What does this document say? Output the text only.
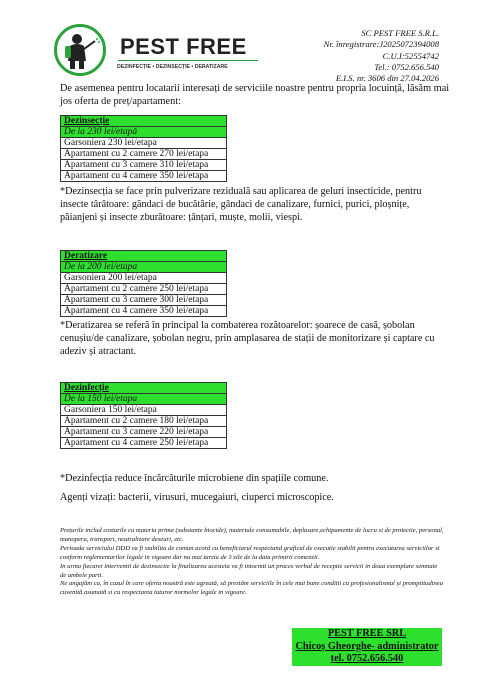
PEST FREE
DEZINFECȚIE • DEZINSECȚIE • DERATIZARE
SC PEST FREE S.R.L.
Nr. înregistrare:J2025072394008
C.U.I:52554742
Tel.: 0752.656.540
E.I.S. nr. 3606 din 27.04.2026
De asemenea pentru locatarii interesați de serviciile noastre pentru propria locuință, lăsăm mai jos oferta de preț/apartament:
Dezinsecție
De la 230 lei/etapă
Garsoniera 230 lei/etapa
Apartament cu 2 camere 270 lei/etapa
Apartament cu 3 camere 310 lei/etapa
Apartament cu 4 camere 350 lei/etapa
*Dezinsecția se face prin pulverizare reziduală sau aplicarea de geluri insecticide, pentru insecte târâtoare: gândaci de bucătărie, gândaci de canalizare, furnici, purici, ploșnițe, păianjeni și insecte zburătoare: țânțari, muște, molii, viespi.
Deratizare
De la 200 lei/etapa
Garsoniera 200 lei/etapa
Apartament cu 2 camere 250 lei/etapa
Apartament cu 3 camere 300 lei/etapa
Apartament cu 4 camere 350 lei/etapa
*Deratizarea se referă în principal la combaterea rozătoarelor: șoarece de casă, șobolan cenușiu/de canalizare, șobolan negru, prin amplasarea de stații de monitorizare și captare cu adeziv și atractant.
Dezinfecție
De la 150 lei/etapa
Garsoniera 150 lei/etapa
Apartament cu 2 camere 180 lei/etapa
Apartament cu 3 camere 220 lei/etapa
Apartament cu 4 camere 250 lei/etapa
*Dezinfecția reduce încărcăturile microbiene din spațiile comune.
Agenți vizați: bacterii, virusuri, mucegaiuri, ciuperci microscopice.
Prețurile includ costurile cu materia prima (substante biocide), materiale consumabile, deplasare,echipamente de lucru si de protectie, personal, manopera, transport, neutralizare deseuri, etc.
Perioada serviciului DDD va fi stabilita de comun acord cu beneficiarul respectand graficul de executie stabilit pentru executarea serviciilor si conform reglementarilor legale in vigoare dar nu mai tarziu de 3 zile de la data primirii comenzii.
In urma fiecarei interventii de dezinsectie la finalizarea acesteia va fi intocmit un proces verbal de receptie servicii in doua exemplare semnate de ambele parti.
Ne angajăm ca, în cazul în care oferta noastră este agreată, să prestăm serviciile în cele mai bune conditii cu profesionalismul și promptitudinea cuvenită asumată si cu respectarea tuturor normelor legale in vigoare.
PEST FREE SRL
Chicoș Gheorghe- administrator
tel. 0752.656.540
